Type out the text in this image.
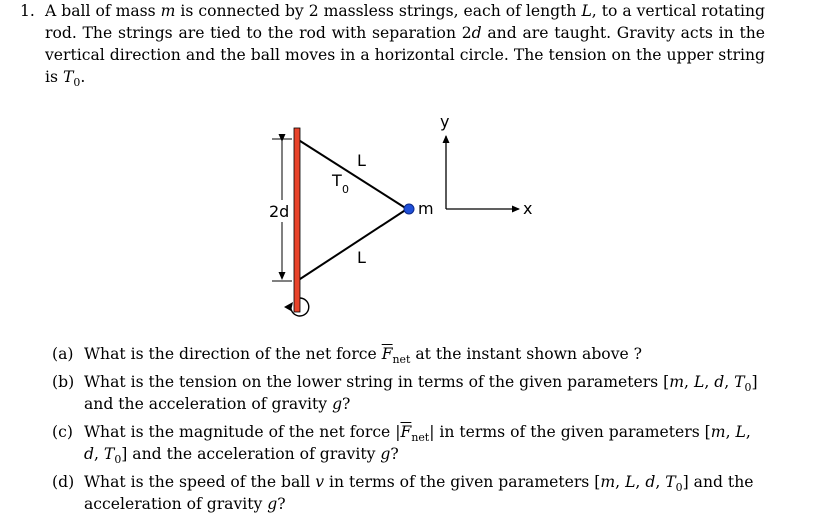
1. A ball of mass m is connected by 2 massless strings, each of length L, to a vertical rotating rod. The strings are tied to the rod with separation 2d and are taught. Gravity acts in the vertical direction and the ball moves in a horizontal circle. The tension on the upper string is $T_0$.
2d
T 0
L
L
m
y
x
(a) What is the direction of the net force $\overline{F}_{net}$ at the instant shown above ?
(b) What is the tension on the lower string in terms of the given parameters [m, L, d, $T_0$] and the acceleration of gravity g?
(c) What is the magnitude of the net force $|\overline{F}_{net}|$ in terms of the given parameters [m, L, d, $T_0$] and the acceleration of gravity g?
(d) What is the speed of the ball v in terms of the given parameters [m, L, d, $T_0$] and the acceleration of gravity g?
